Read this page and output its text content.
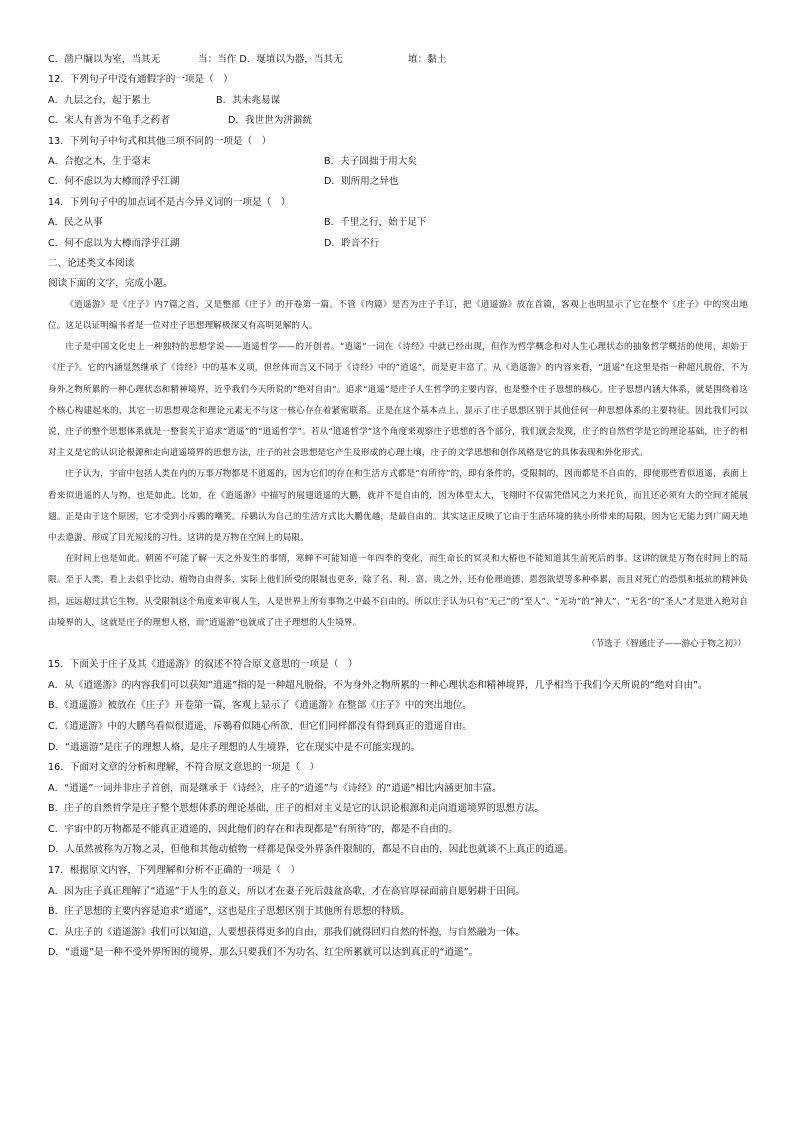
C．凿户牖以为室，当其无	当：当作 D．埏埴以为器，当其无	埴：黏土
12．下列句子中没有通假字的一项是（　）
A．九层之台，起于累土	B．其未兆易谋
C．宋人有善为不龟手之药者	D．我世世为洴澼絖
13．下列句子中句式和其他三项不同的一项是（　）
A．合抱之木，生于毫末	B．夫子固拙于用大矣
C．何不虑以为大樽而浮乎江湖	D．则所用之异也
14．下列句子中的加点词不是古今异义词的一项是（　）
A．民之从事	B．千里之行，始于足下
C．何不虑以为大樽而浮乎江湖	D．聆音不行
二、论述类文本阅读
阅读下面的文字，完成小题。

《逍遥游》是《庄子》内7篇之首，又是整部《庄子》的开卷第一篇。不管《内篇》是否为庄子手订，把《逍遥游》放在首篇，客观上也明显示了它在整个《庄子》中的突出地位。这足以证明编书者是一位对庄子思想理解极深又有高明见解的人。

庄子是中国文化史上一种独特的思想学说——逍遥哲学——的开创者。“逍遥”一词在《诗经》中就已经出现，但作为哲学概念和对人生心理状态的抽象哲学概括的使用，却始于《庄子》。它的内涵显然继承了《诗经》中的基本义项，但丝体而言又不同于《诗经》中的“逍遥”，而是更丰富了。从《逍遥游》的内容来看，“逍遥”在这里是指一种超凡脱俗，不为身外之物所累的一种心理状态和精神境界，近乎我们今天所说的“绝对自由”。追求“逍遥”是庄子人生哲学的主要内容，也是整个庄子思想的核心。庄子思想内涵大体系，就是围绕着这个核心构建起来的，其它一切思想观念和理论元素无不与这一核心存在着紧密联系。正是在这个基本点上，显示了庄子思想区别于其他任何一种思想体系的主要特征。因此我们可以说，庄子的整个思想体系就是一整套关于追求“逍遥”的“逍遥哲学”。若从“逍遥哲学”这个角度来观察庄子思想的各个部分，我们就会发现，庄子的自然哲学是它的理论基础，庄子的相对主义是它的认识论根源和走向逍遥境界的思想方法，庄子的社会思想是它产生及形成的心理土壤，庄子的文学思想和创作风格是它的具体表现和外化形式。

庄子认为，宇宙中包括人类在内的万事万物都是不逍遥的，因为它们的存在和生活方式都是“有所待”的，即有条件的，受限制的，因而都是不自由的，即使那些看似逍遥，表面上看来似逍遥的人与物，也是如此。比如，在《逍遥游》中描写的展翅逍遥的大鹏，就并不是自由的，因为体型太大，飞翔时不仅需凭借风之力来托负，而且还必须有大的空间才能展翅。正是由于这个原因，它才受到小斥鷃的嘲笑。斥鷃认为自己的生活方式比大鹏优越，是最自由的。其实这正反映了它由于生活环境的狭小所带来的局限，因为它无能力到广阔天地中去遨游，形成了目光短浅的习性。这讲的是万物在空间上的局限。

在时间上也是如此。朝菌不可能了解一天之外发生的事情，寒蝉不可能知道一年四季的变化，而生命长的冥灵和大椿也不能知道其生前死后的事。这讲的就是万物在时间上的局限。至于人类，看上去似乎比动、植物自由得多，实际上他们所受的限制也更多，除了名、利、富、贵之外，还有伦理道德、恩怨欲望等多种牵累，而且对死亡的恐惧和抵抗的精神负担，远远超过其它生物。从受限制这个角度来审视人生，人是世界上所有事物之中最不自由的。所以庄子认为只有“无己”的“至人”、“无功”的“神人”、“无名”的“圣人”才是进入绝对自由境界的人，这就是庄子的理想人格，而“逍遥游”也就成了庄子理想的人生境界。

（节选于《智通庄子——游心于物之初》）

15．下面关于庄子及其《逍遥游》的叙述不符合原文意思的一项是（　）

A．从《逍遥游》的内容我们可以获知“逍遥”指的是一种超凡脱俗，不为身外之物所累的一种心理状态和精神境界，几乎相当于我们今天所说的“绝对自由”。

B．《逍遥游》被放在《庄子》开卷第一篇，客观上显示了《逍遥游》在整部《庄子》中的突出地位。

C．《逍遥游》中的大鹏鸟看似很逍遥，斥鷃看似随心所欲，但它们同样都没有得到真正的逍遥自由。

D．“逍遥游”是庄子的理想人格，是庄子理想的人生境界，它在现实中是不可能实现的。

16．下面对文章的分析和理解，不符合原文意思的一项是（　）

A．“逍遥”一词并非庄子首创，而是继承于《诗经》，庄子的“逍遥”与《诗经》的“逍遥”相比内涵更加丰富。

B．庄子的自然哲学是庄子整个思想体系的理论基础，庄子的相对主义是它的认识论根源和走向逍遥境界的思想方法。

C．宇宙中的万物都是不能真正逍遥的，因此他们的存在和表现都是“有所待”的，都是不自由的。

D．人虽然被称为万物之灵，但他和其他动植物一样都是保受外界条件限制的，都是不自由的，因此也就谈不上真正的逍遥。

17．根据原文内容，下列理解和分析不正确的一项是（　）

A．因为庄子真正理解了“逍遥”于人生的意义，所以才在妻子死后鼓盆高歌，才在高官厚禄面前自愿躬耕于田间。

B．庄子思想的主要内容是追求“逍遥”，这也是庄子思想区别于其他所有思想的特质。

C．从庄子的《逍遥游》我们可以知道，人要想获得更多的自由，那我们就得回归自然的怀抱，与自然融为一体。

D．“逍遥”是一种不受外界所困的境界，那么只要我们不为功名、红尘所累就可以达到真正的“逍遥”。
